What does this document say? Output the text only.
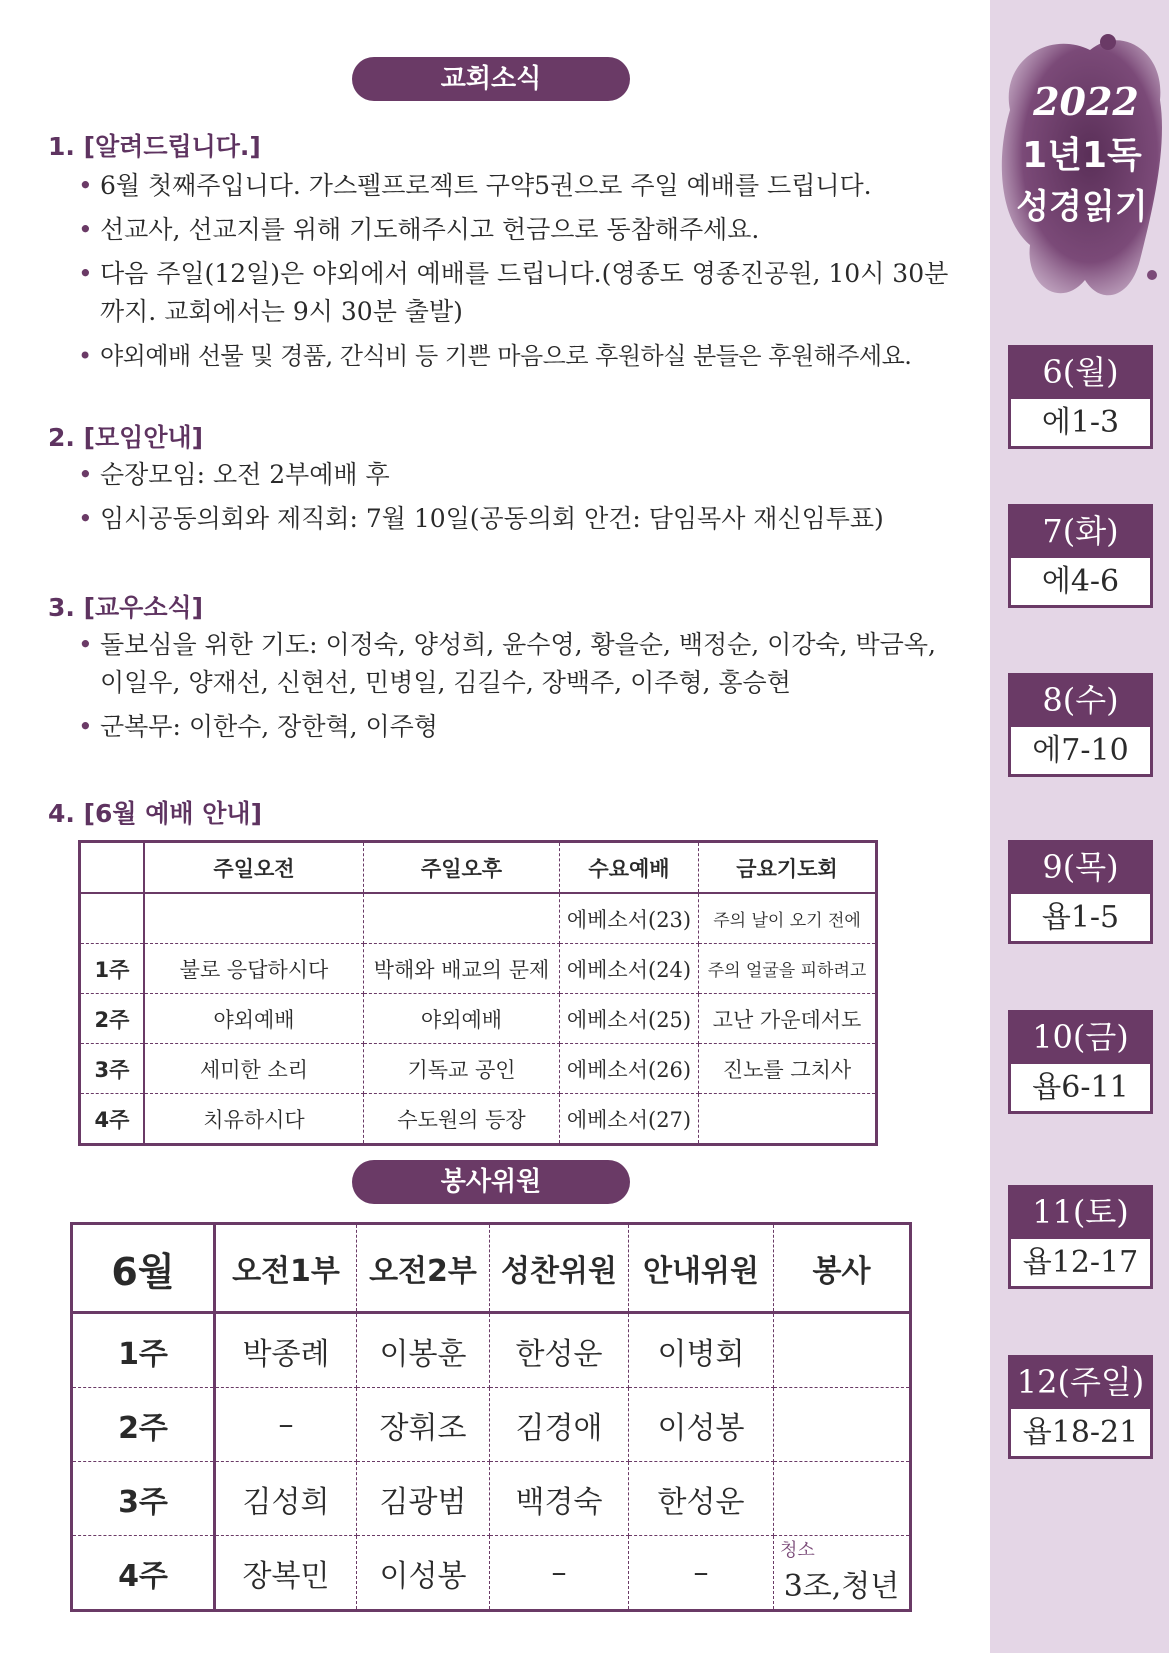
교회소식
1. [알려드립니다.]
• 6월 첫째주입니다. 가스펠프로젝트 구약5권으로 주일 예배를 드립니다.
• 선교사, 선교지를 위해 기도해주시고 헌금으로 동참해주세요.
• 다음 주일(12일)은 야외에서 예배를 드립니다.(영종도 영종진공원, 10시 30분까지. 교회에서는 9시 30분 출발)
• 야외예배 선물 및 경품, 간식비 등 기쁜 마음으로 후원하실 분들은 후원해주세요.
2. [모임안내]
• 순장모임: 오전 2부예배 후
• 임시공동의회와 제직회: 7월 10일(공동의회 안건: 담임목사 재신임투표)
3. [교우소식]
• 돌보심을 위한 기도: 이정숙, 양성희, 윤수영, 황을순, 백정순, 이강숙, 박금옥, 이일우, 양재선, 신현선, 민병일, 김길수, 장백주, 이주형, 홍승현
• 군복무: 이한수, 장한혁, 이주형
4. [6월 예배 안내]
	주일오전	주일오후	수요예배	금요기도회
			에베소서(23)	주의 날이 오기 전에
1주	불로 응답하시다	박해와 배교의 문제	에베소서(24)	주의 얼굴을 피하려고
2주	야외예배	야외예배	에베소서(25)	고난 가운데서도
3주	세미한 소리	기독교 공인	에베소서(26)	진노를 그치사
4주	치유하시다	수도원의 등장	에베소서(27)	
봉사위원
6월	오전1부	오전2부	성찬위원	안내위원	봉사
1주	박종례	이봉훈	한성운	이병회	
2주	–	장휘조	김경애	이성봉	
3주	김성희	김광범	백경숙	한성운	
4주	장복민	이성봉	–	–	청소
3조,청년
2022
1년1독
성경읽기
6(월)
에1-3
7(화)
에4-6
8(수)
에7-10
9(목)
욥1-5
10(금)
욥6-11
11(토)
욥12-17
12(주일)
욥18-21
